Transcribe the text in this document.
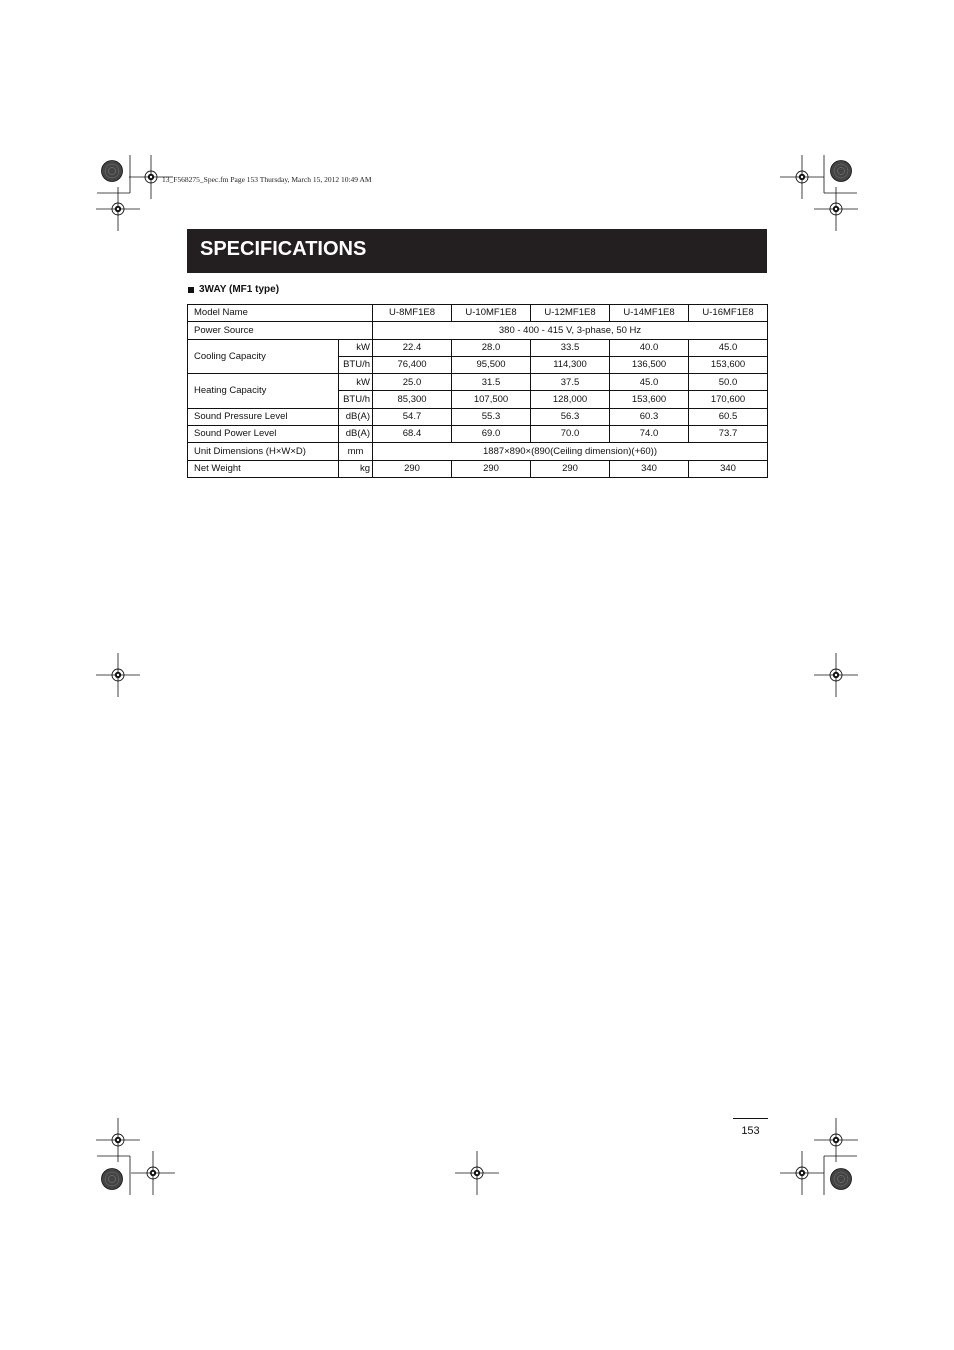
13_F568275_Spec.fm Page 153 Thursday, March 15, 2012 10:49 AM
SPECIFICATIONS
3WAY (MF1 type)
Model Name		U-8MF1E8	U-10MF1E8	U-12MF1E8	U-14MF1E8	U-16MF1E8
Power Source		380 - 400 - 415 V, 3-phase, 50 Hz				
Cooling Capacity	kW	22.4	28.0	33.5	40.0	45.0
	BTU/h	76,400	95,500	114,300	136,500	153,600
Heating Capacity	kW	25.0	31.5	37.5	45.0	50.0
	BTU/h	85,300	107,500	128,000	153,600	170,600
Sound Pressure Level	dB(A)	54.7	55.3	56.3	60.3	60.5
Sound Power Level	dB(A)	68.4	69.0	70.0	74.0	73.7
Unit Dimensions (H×W×D)	mm	1887×890×(890(Ceiling dimension)(+60))				
Net Weight	kg	290	290	290	340	340
153
